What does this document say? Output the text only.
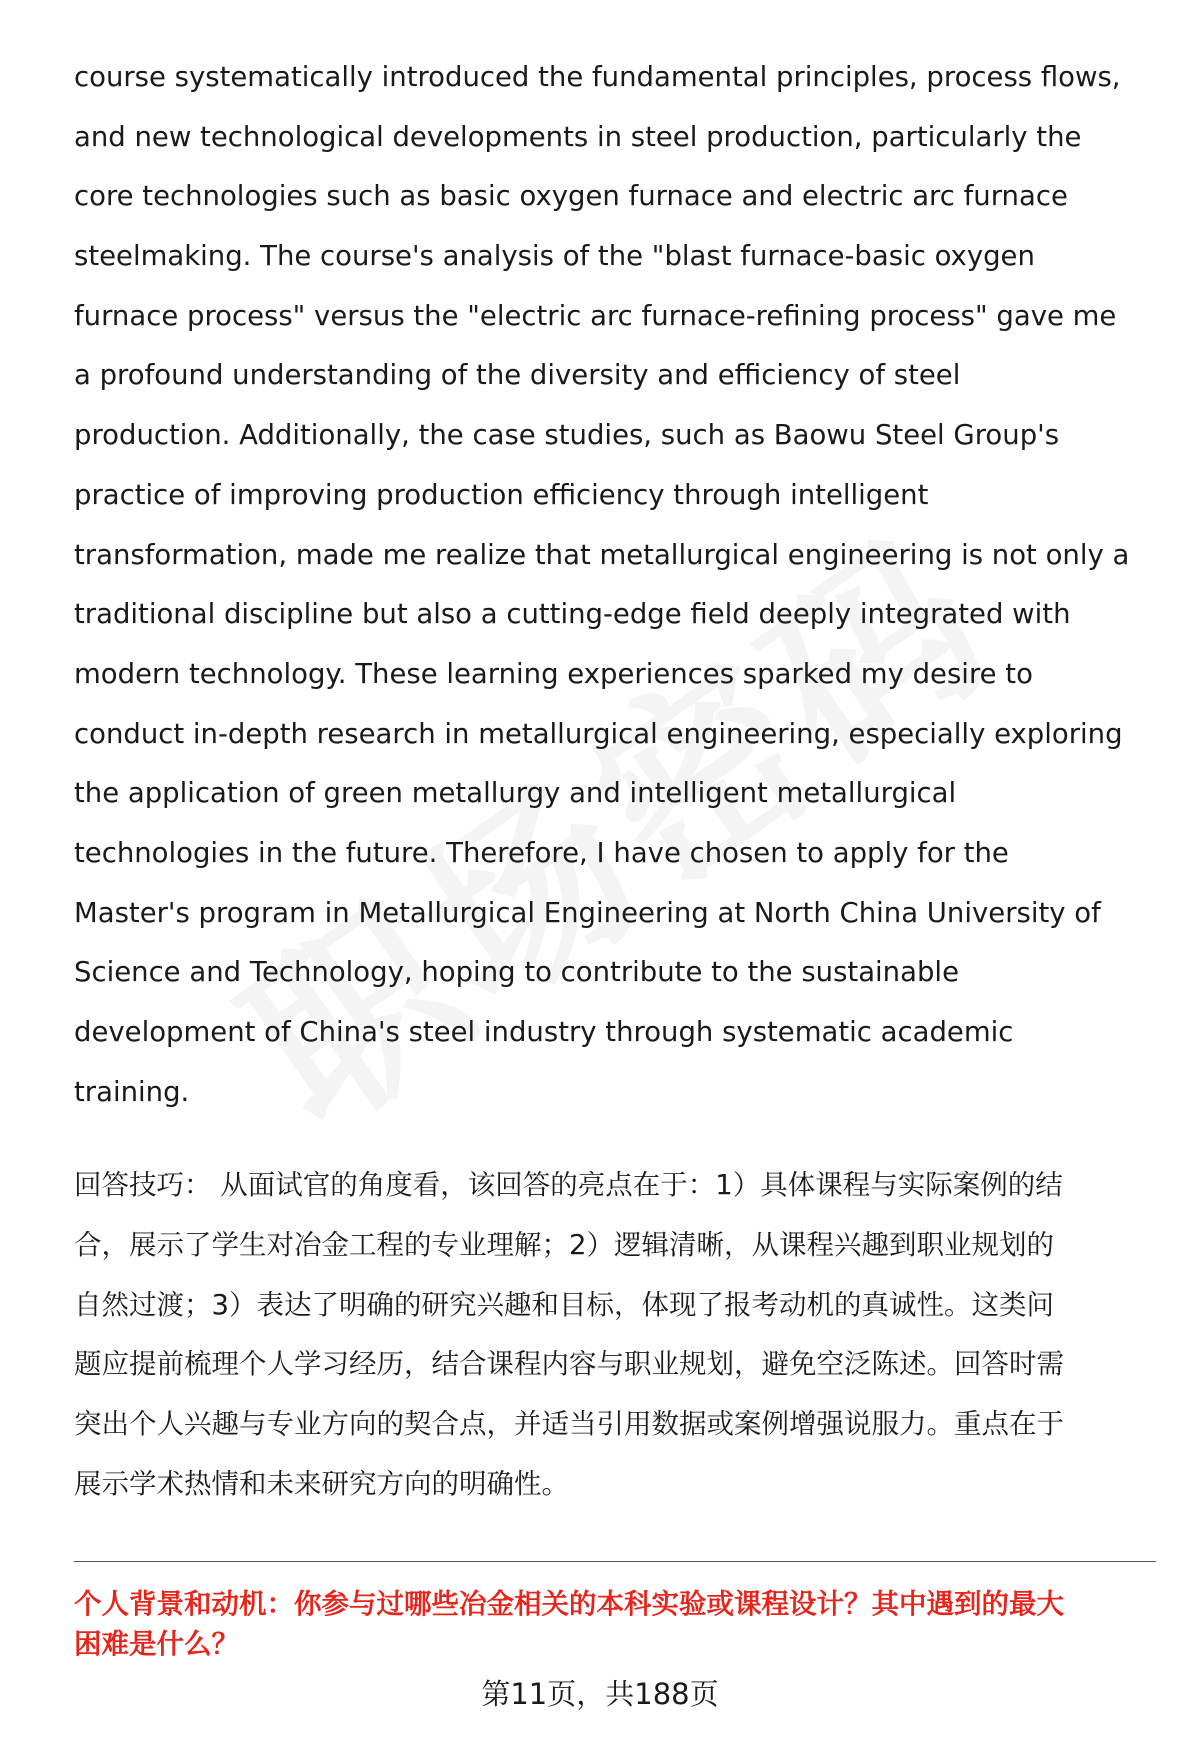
course systematically introduced the fundamental principles, process flows,
and new technological developments in steel production, particularly the
core technologies such as basic oxygen furnace and electric arc furnace
steelmaking. The course's analysis of the "blast furnace-basic oxygen
furnace process" versus the "electric arc furnace-refining process" gave me
a profound understanding of the diversity and efficiency of steel
production. Additionally, the case studies, such as Baowu Steel Group's
practice of improving production efficiency through intelligent
transformation, made me realize that metallurgical engineering is not only a
traditional discipline but also a cutting-edge field deeply integrated with
modern technology. These learning experiences sparked my desire to
conduct in-depth research in metallurgical engineering, especially exploring
the application of green metallurgy and intelligent metallurgical
technologies in the future. Therefore, I have chosen to apply for the
Master's program in Metallurgical Engineering at North China University of
Science and Technology, hoping to contribute to the sustainable
development of China's steel industry through systematic academic
training.
回答技巧： 从面试官的角度看，该回答的亮点在于：1）具体课程与实际案例的结
合，展示了学生对冶金工程的专业理解；2）逻辑清晰，从课程兴趣到职业规划的
自然过渡；3）表达了明确的研究兴趣和目标，体现了报考动机的真诚性。这类问
题应提前梳理个人学习经历，结合课程内容与职业规划，避免空泛陈述。回答时需
突出个人兴趣与专业方向的契合点，并适当引用数据或案例增强说服力。重点在于
展示学术热情和未来研究方向的明确性。
个人背景和动机：你参与过哪些冶金相关的本科实验或课程设计？其中遇到的最大
困难是什么？
第11页，共188页
